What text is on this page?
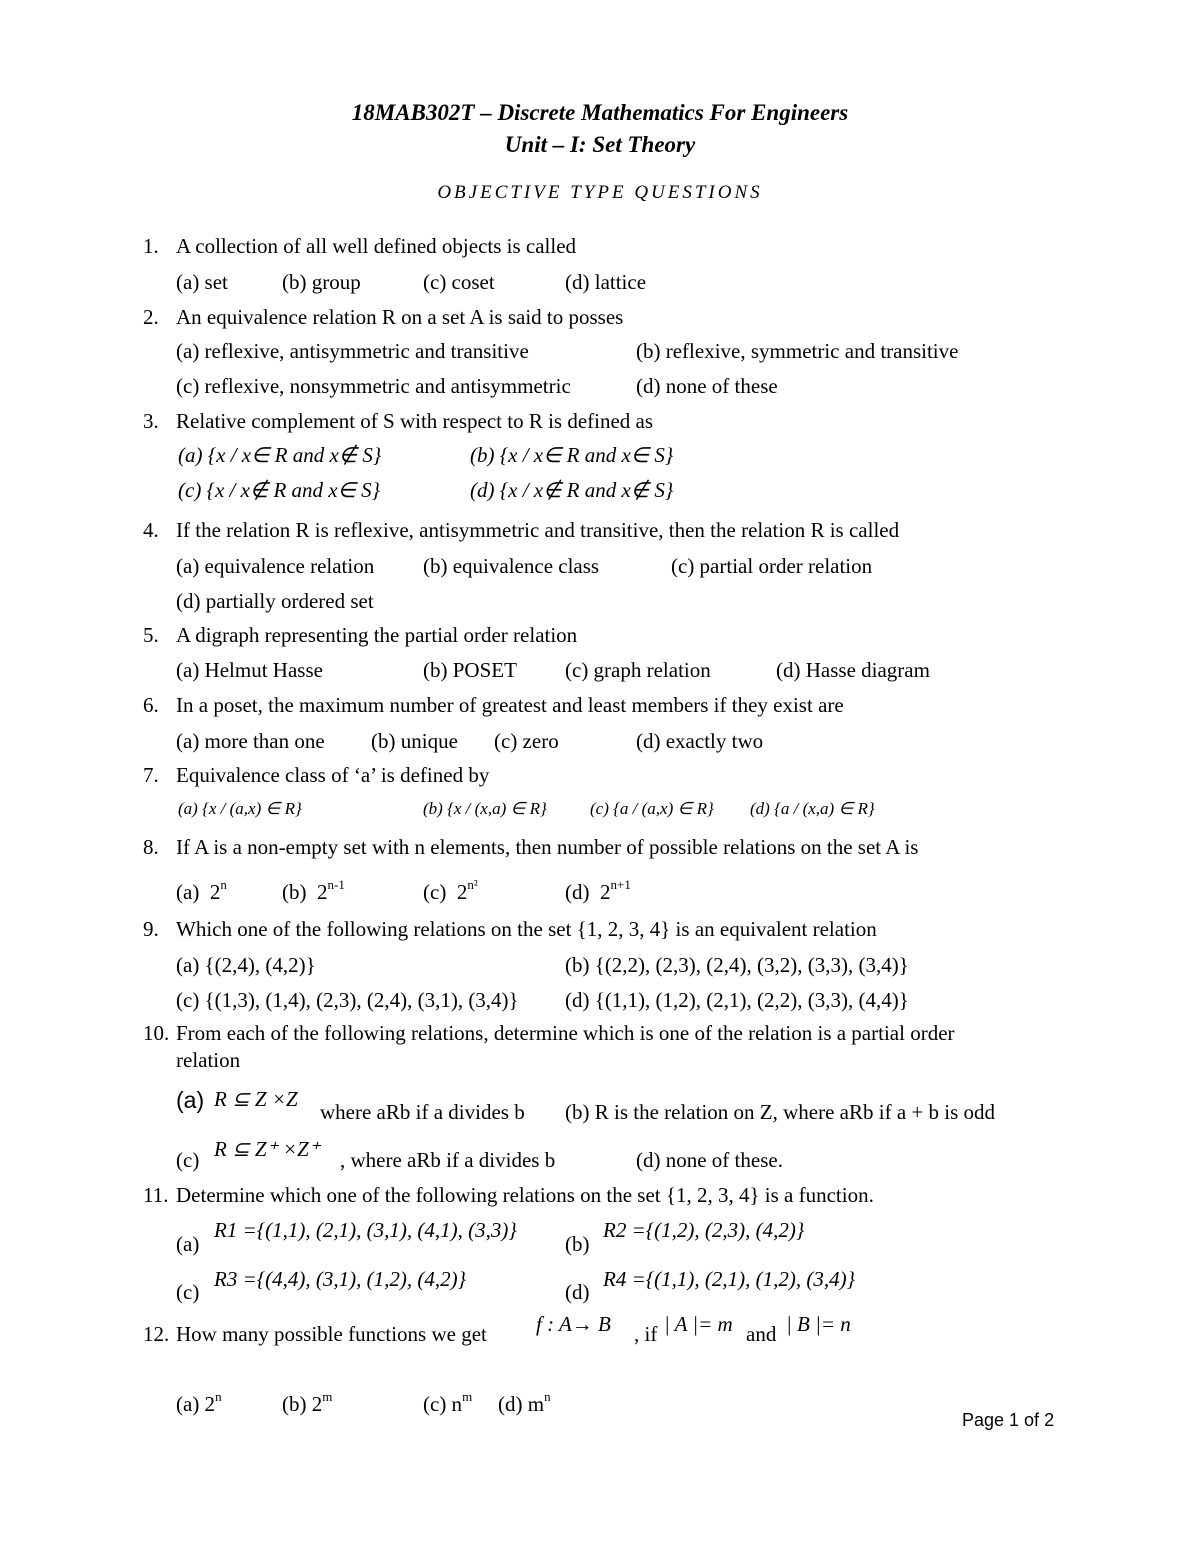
18MAB302T – Discrete Mathematics For Engineers
Unit – I: Set Theory
OBJECTIVE TYPE QUESTIONS
1. A collection of all well defined objects is called
(a) set	(b) group	(c) coset	(d) lattice
2. An equivalence relation R on a set A is said to posses
(a) reflexive, antisymmetric and transitive	(b) reflexive, symmetric and transitive
(c) reflexive, nonsymmetric and antisymmetric	(d) none of these
3. Relative complement of S with respect to R is defined as
(a) {x / x∈ R and x∉ S}	(b) {x / x∈ R and x∈ S}
(c) {x / x∉ R and x∈ S}	(d) {x / x∉ R and x∉ S}
4. If the relation R is reflexive, antisymmetric and transitive, then the relation R is called
(a) equivalence relation (b) equivalence class	(c) partial order relation
(d) partially ordered set
5. A digraph representing the partial order relation
(a) Helmut Hasse	(b) POSET (c) graph relation	(d) Hasse diagram
6. In a poset, the maximum number of greatest and least members if they exist are
(a) more than one (b) unique (c) zero	(d) exactly two
7. Equivalence class of ‘a’ is defined by
(a) {x / (a,x) ∈ R}	(b) {x / (x,a) ∈ R}	(c) {a / (a,x) ∈ R} (d) {a / (x,a) ∈ R}
8. If A is a non-empty set with n elements, then number of possible relations on the set A is
(a) 2$^n$	(b) 2$^{n-1}$	(c) $2^{n^2}$	(d) $2^{n+1}$
9. Which one of the following relations on the set {1, 2, 3, 4} is an equivalent relation
(a) {(2,4), (4,2)}	(b) {(2,2), (2,3), (2,4), (3,2), (3,3), (3,4)}
(c) {(1,3), (1,4), (2,3), (2,4), (3,1), (3,4)} (d) {(1,1), (1,2), (2,1), (2,2), (3,3), (4,4)}
10. From each of the following relations, determine which is one of the relation is a partial order
relation
(a) R ⊆ Z ×Z
where aRb if a divides b (b) R is the relation on Z, where aRb if a + b is odd
(c) R ⊆ Z⁺ ×Z⁺ , where aRb if a divides b	(d) none of these.
11. Determine which one of the following relations on the set {1, 2, 3, 4} is a function.
(a)
R1 ={(1,1), (2,1), (3,1), (4,1), (3,3)}
(b)
R2 ={(1,2), (2,3), (4,2)}
(c)
R3 ={(4,4), (3,1), (1,2), (4,2)}
(d)
R4 ={(1,1), (2,1), (1,2), (3,4)}
12. How many possible functions we get f : A→ B , if | A |= m and | B |= n
(a) 2$^n$	(b) 2$^m$	(c) $n^m$ (d) $m^n$
Page 1 of 2
